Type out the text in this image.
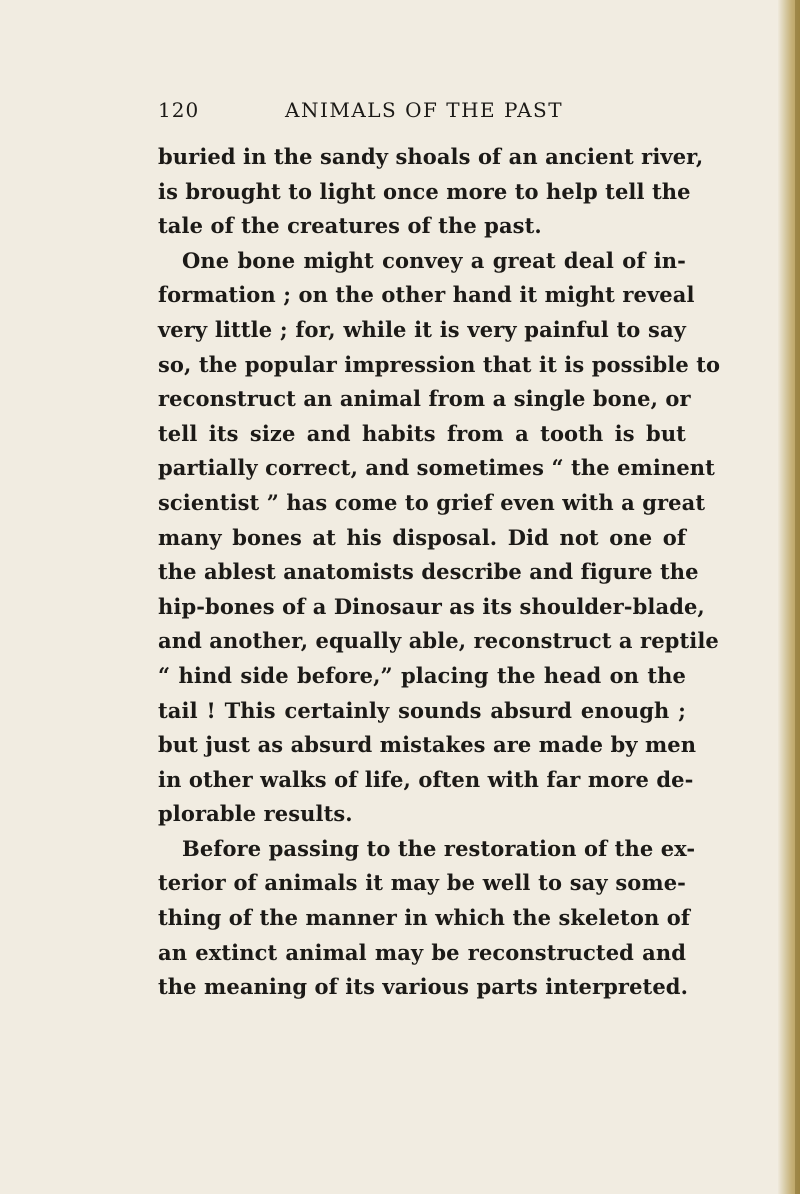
120	ANIMALS OF THE PAST
buried in the sandy shoals of an ancient river,
is brought to light once more to help tell the
tale of the creatures of the past.
One bone might convey a great deal of in-
formation ; on the other hand it might reveal
very little ; for, while it is very painful to say
so, the popular impression that it is possible to
reconstruct an animal from a single bone, or
tell its size and habits from a tooth is but
partially correct, and sometimes “ the eminent
scientist ” has come to grief even with a great
many bones at his disposal. Did not one of
the ablest anatomists describe and figure the
hip-bones of a Dinosaur as its shoulder-blade,
and another, equally able, reconstruct a reptile
“ hind side before,” placing the head on the
tail ! This certainly sounds absurd enough ;
but just as absurd mistakes are made by men
in other walks of life, often with far more de-
plorable results.
Before passing to the restoration of the ex-
terior of animals it may be well to say some-
thing of the manner in which the skeleton of
an extinct animal may be reconstructed and
the meaning of its various parts interpreted.
